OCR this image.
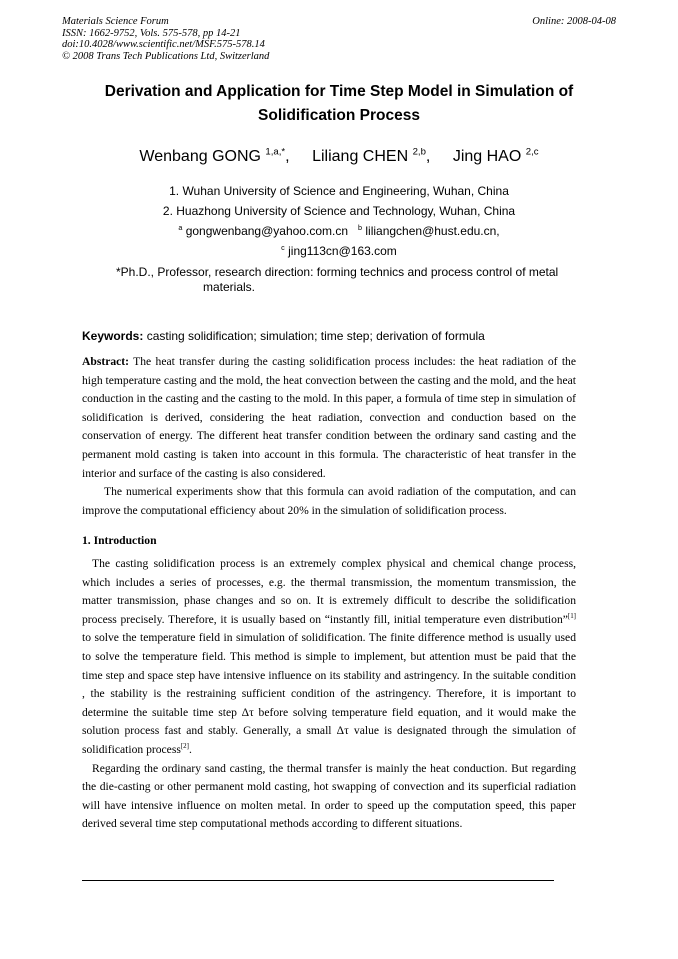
Materials Science Forum
ISSN: 1662-9752, Vols. 575-578, pp 14-21
doi:10.4028/www.scientific.net/MSF.575-578.14
© 2008 Trans Tech Publications Ltd, Switzerland
Online: 2008-04-08
Derivation and Application for Time Step Model in Simulation of
Solidification Process
Wenbang GONG $^{1,a,*}$, Liliang CHEN $^{2,b}$, Jing HAO $^{2,c}$
1. Wuhan University of Science and Engineering, Wuhan, China
2. Huazhong University of Science and Technology, Wuhan, China
$^a$ gongwenbang@yahoo.com.cn $^b$ liliangchen@hust.edu.cn,
$^c$ jing113cn@163.com
*Ph.D., Professor, research direction: forming technics and process control of metal
materials.
Keywords: casting solidification; simulation; time step; derivation of formula

Abstract: The heat transfer during the casting solidification process includes: the heat radiation of the high temperature casting and the mold, the heat convection between the casting and the mold, and the heat conduction in the casting and the casting to the mold. In this paper, a formula of time step in simulation of solidification is derived, considering the heat radiation, convection and conduction based on the conservation of energy. The different heat transfer condition between the ordinary sand casting and the permanent mold casting is taken into account in this formula. The characteristic of heat transfer in the interior and surface of the casting is also considered.

The numerical experiments show that this formula can avoid radiation of the computation, and can improve the computational efficiency about 20% in the simulation of solidification process.

1. Introduction

The casting solidification process is an extremely complex physical and chemical change process, which includes a series of processes, e.g. the thermal transmission, the momentum transmission, the matter transmission, phase changes and so on. It is extremely difficult to describe the solidification process precisely. Therefore, it is usually based on “instantly fill, initial temperature even distribution”[1] to solve the temperature field in simulation of solidification. The finite difference method is usually used to solve the temperature field. This method is simple to implement, but attention must be paid that the time step and space step have intensive influence on its stability and astringency. In the suitable condition , the stability is the restraining sufficient condition of the astringency. Therefore, it is important to determine the suitable time step Δτ before solving temperature field equation, and it would make the solution process fast and stably. Generally, a small Δτ value is designated through the simulation of solidification process[2].

Regarding the ordinary sand casting, the thermal transfer is mainly the heat conduction. But regarding the die-casting or other permanent mold casting, hot swapping of convection and its superficial radiation will have intensive influence on molten metal. In order to speed up the computation speed, this paper derived several time step computational methods according to different situations.
